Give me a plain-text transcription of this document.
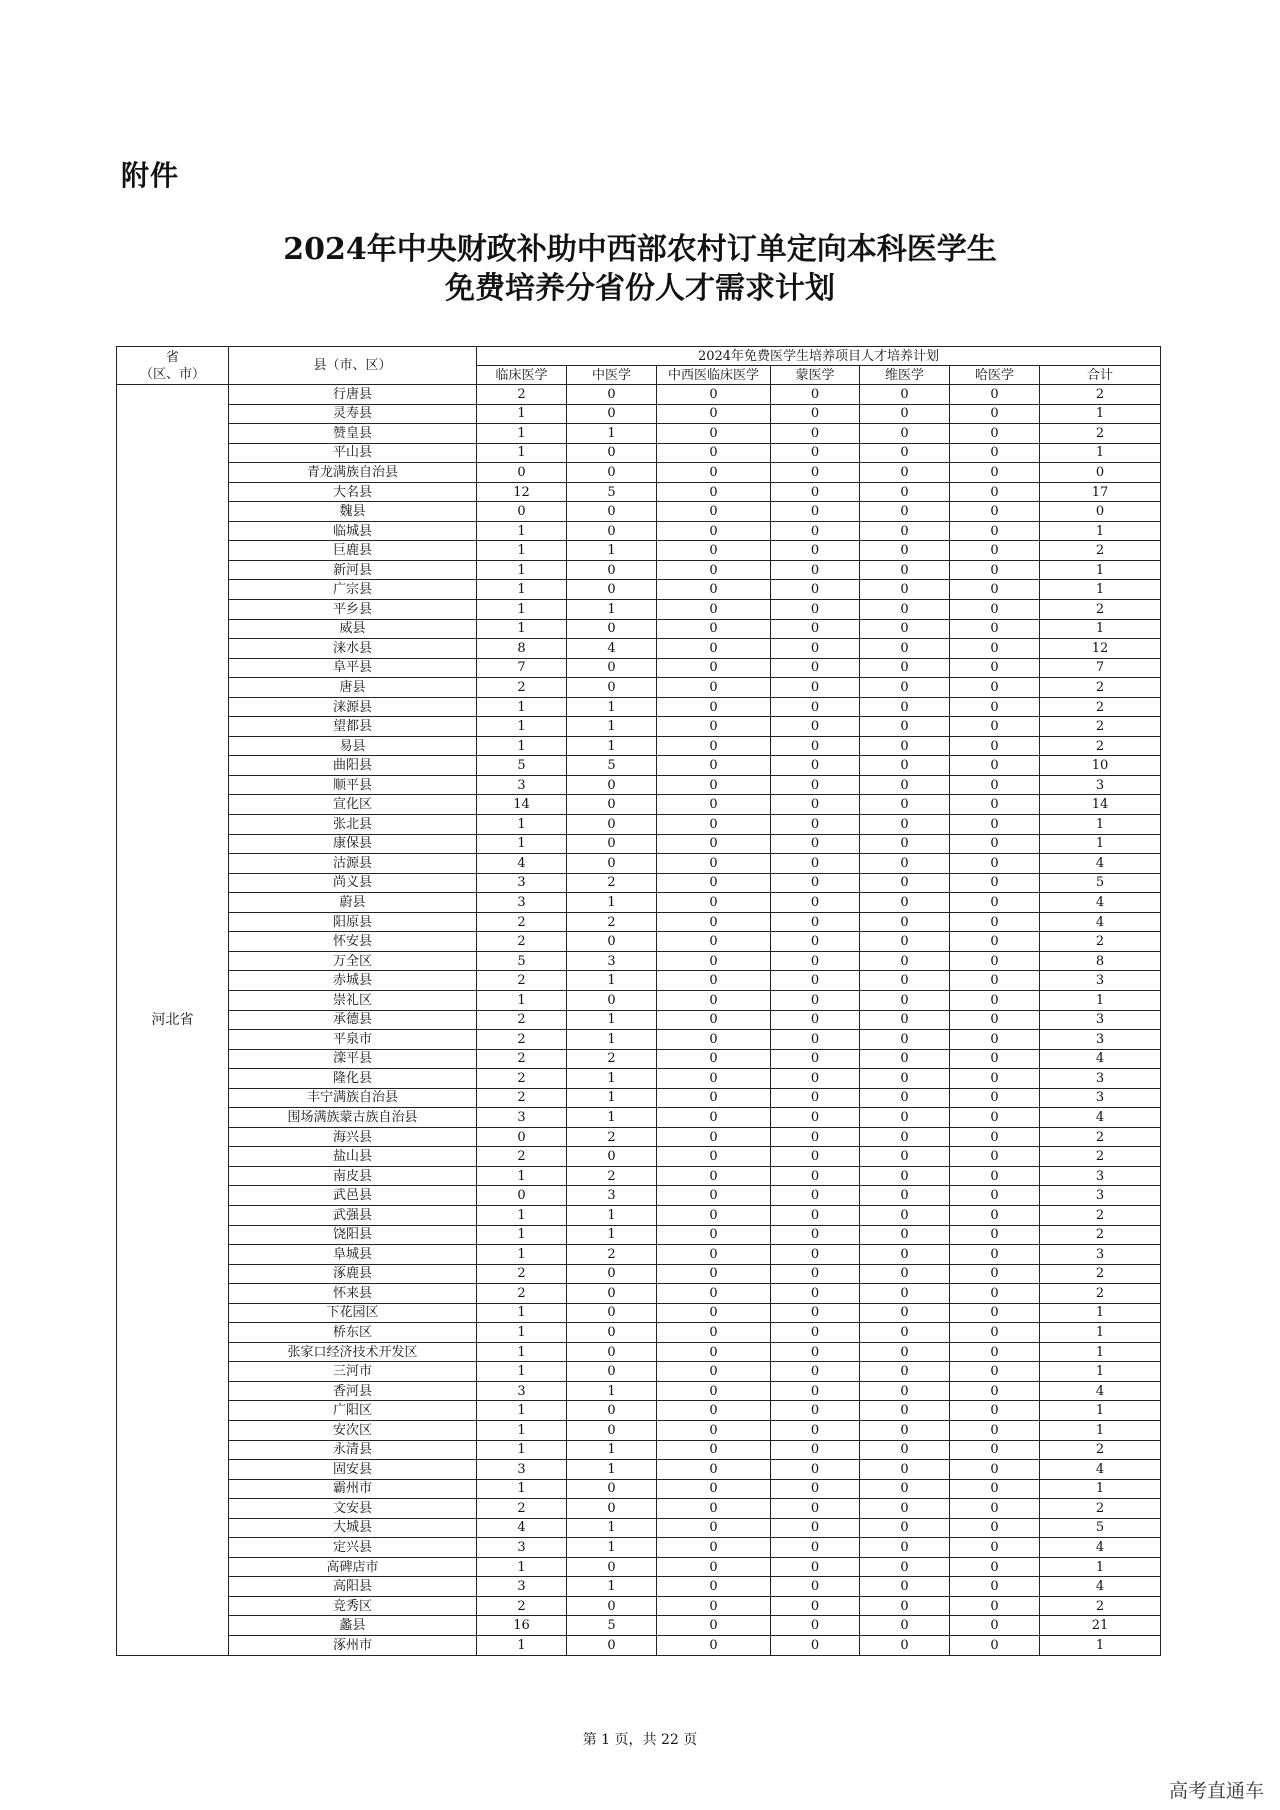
附件
2024年中央财政补助中西部农村订单定向本科医学生
免费培养分省份人才需求计划
省
（区、市）	县（市、区）	2024年免费医学生培养项目人才培养计划						
		临床医学	中医学	中西医临床医学	蒙医学	维医学	哈医学	合计
河北省	行唐县	2	0	0	0	0	0	2
	灵寿县	1	0	0	0	0	0	1
	赞皇县	1	1	0	0	0	0	2
	平山县	1	0	0	0	0	0	1
	青龙满族自治县	0	0	0	0	0	0	0
	大名县	12	5	0	0	0	0	17
	魏县	0	0	0	0	0	0	0
	临城县	1	0	0	0	0	0	1
	巨鹿县	1	1	0	0	0	0	2
	新河县	1	0	0	0	0	0	1
	广宗县	1	0	0	0	0	0	1
	平乡县	1	1	0	0	0	0	2
	威县	1	0	0	0	0	0	1
	涞水县	8	4	0	0	0	0	12
	阜平县	7	0	0	0	0	0	7
	唐县	2	0	0	0	0	0	2
	涞源县	1	1	0	0	0	0	2
	望都县	1	1	0	0	0	0	2
	易县	1	1	0	0	0	0	2
	曲阳县	5	5	0	0	0	0	10
	顺平县	3	0	0	0	0	0	3
	宣化区	14	0	0	0	0	0	14
	张北县	1	0	0	0	0	0	1
	康保县	1	0	0	0	0	0	1
	沽源县	4	0	0	0	0	0	4
	尚义县	3	2	0	0	0	0	5
	蔚县	3	1	0	0	0	0	4
	阳原县	2	2	0	0	0	0	4
	怀安县	2	0	0	0	0	0	2
	万全区	5	3	0	0	0	0	8
	赤城县	2	1	0	0	0	0	3
	崇礼区	1	0	0	0	0	0	1
	承德县	2	1	0	0	0	0	3
	平泉市	2	1	0	0	0	0	3
	滦平县	2	2	0	0	0	0	4
	隆化县	2	1	0	0	0	0	3
	丰宁满族自治县	2	1	0	0	0	0	3
	围场满族蒙古族自治县	3	1	0	0	0	0	4
	海兴县	0	2	0	0	0	0	2
	盐山县	2	0	0	0	0	0	2
	南皮县	1	2	0	0	0	0	3
	武邑县	0	3	0	0	0	0	3
	武强县	1	1	0	0	0	0	2
	饶阳县	1	1	0	0	0	0	2
	阜城县	1	2	0	0	0	0	3
	涿鹿县	2	0	0	0	0	0	2
	怀来县	2	0	0	0	0	0	2
	下花园区	1	0	0	0	0	0	1
	桥东区	1	0	0	0	0	0	1
	张家口经济技术开发区	1	0	0	0	0	0	1
	三河市	1	0	0	0	0	0	1
	香河县	3	1	0	0	0	0	4
	广阳区	1	0	0	0	0	0	1
	安次区	1	0	0	0	0	0	1
	永清县	1	1	0	0	0	0	2
	固安县	3	1	0	0	0	0	4
	霸州市	1	0	0	0	0	0	1
	文安县	2	0	0	0	0	0	2
	大城县	4	1	0	0	0	0	5
	定兴县	3	1	0	0	0	0	4
	高碑店市	1	0	0	0	0	0	1
	高阳县	3	1	0	0	0	0	4
	竞秀区	2	0	0	0	0	0	2
	蠡县	16	5	0	0	0	0	21
	涿州市	1	0	0	0	0	0	1
第 1 页，共 22 页
高考直通车
